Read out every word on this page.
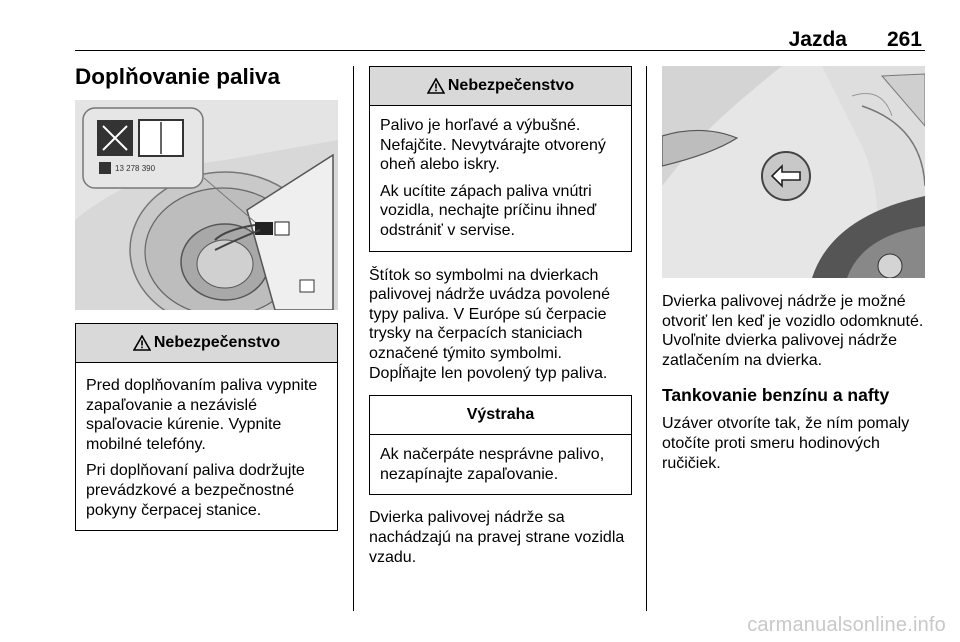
Jazda 261
Doplňovanie paliva
13 278 390
Nebezpečenstvo

Pred doplňovaním paliva vypnite zapaľovanie a nezávislé spaľovacie kúrenie. Vypnite mobilné telefóny.

Pri doplňovaní paliva dodržujte prevádzkové a bezpečnostné pokyny čerpacej stanice.

Nebezpečenstvo

Palivo je horľavé a výbušné. Nefajčite. Nevytvárajte otvorený oheň alebo iskry.

Ak ucítite zápach paliva vnútri vozidla, nechajte príčinu ihneď odstrániť v servise.

Štítok so symbolmi na dvierkach palivovej nádrže uvádza povolené typy paliva. V Európe sú čerpacie trysky na čerpacích staniciach označené týmito symbolmi. Dopĺňajte len povolený typ paliva.

Výstraha

Ak načerpáte nesprávne palivo, nezapínajte zapaľovanie.

Dvierka palivovej nádrže sa nachádzajú na pravej strane vozidla vzadu.

Dvierka palivovej nádrže je možné otvoriť len keď je vozidlo odomknuté. Uvoľnite dvierka palivovej nádrže zatlačením na dvierka.

Tankovanie benzínu a nafty

Uzáver otvoríte tak, že ním pomaly otočíte proti smeru hodinových ručičiek.

carmanualsonline.info
